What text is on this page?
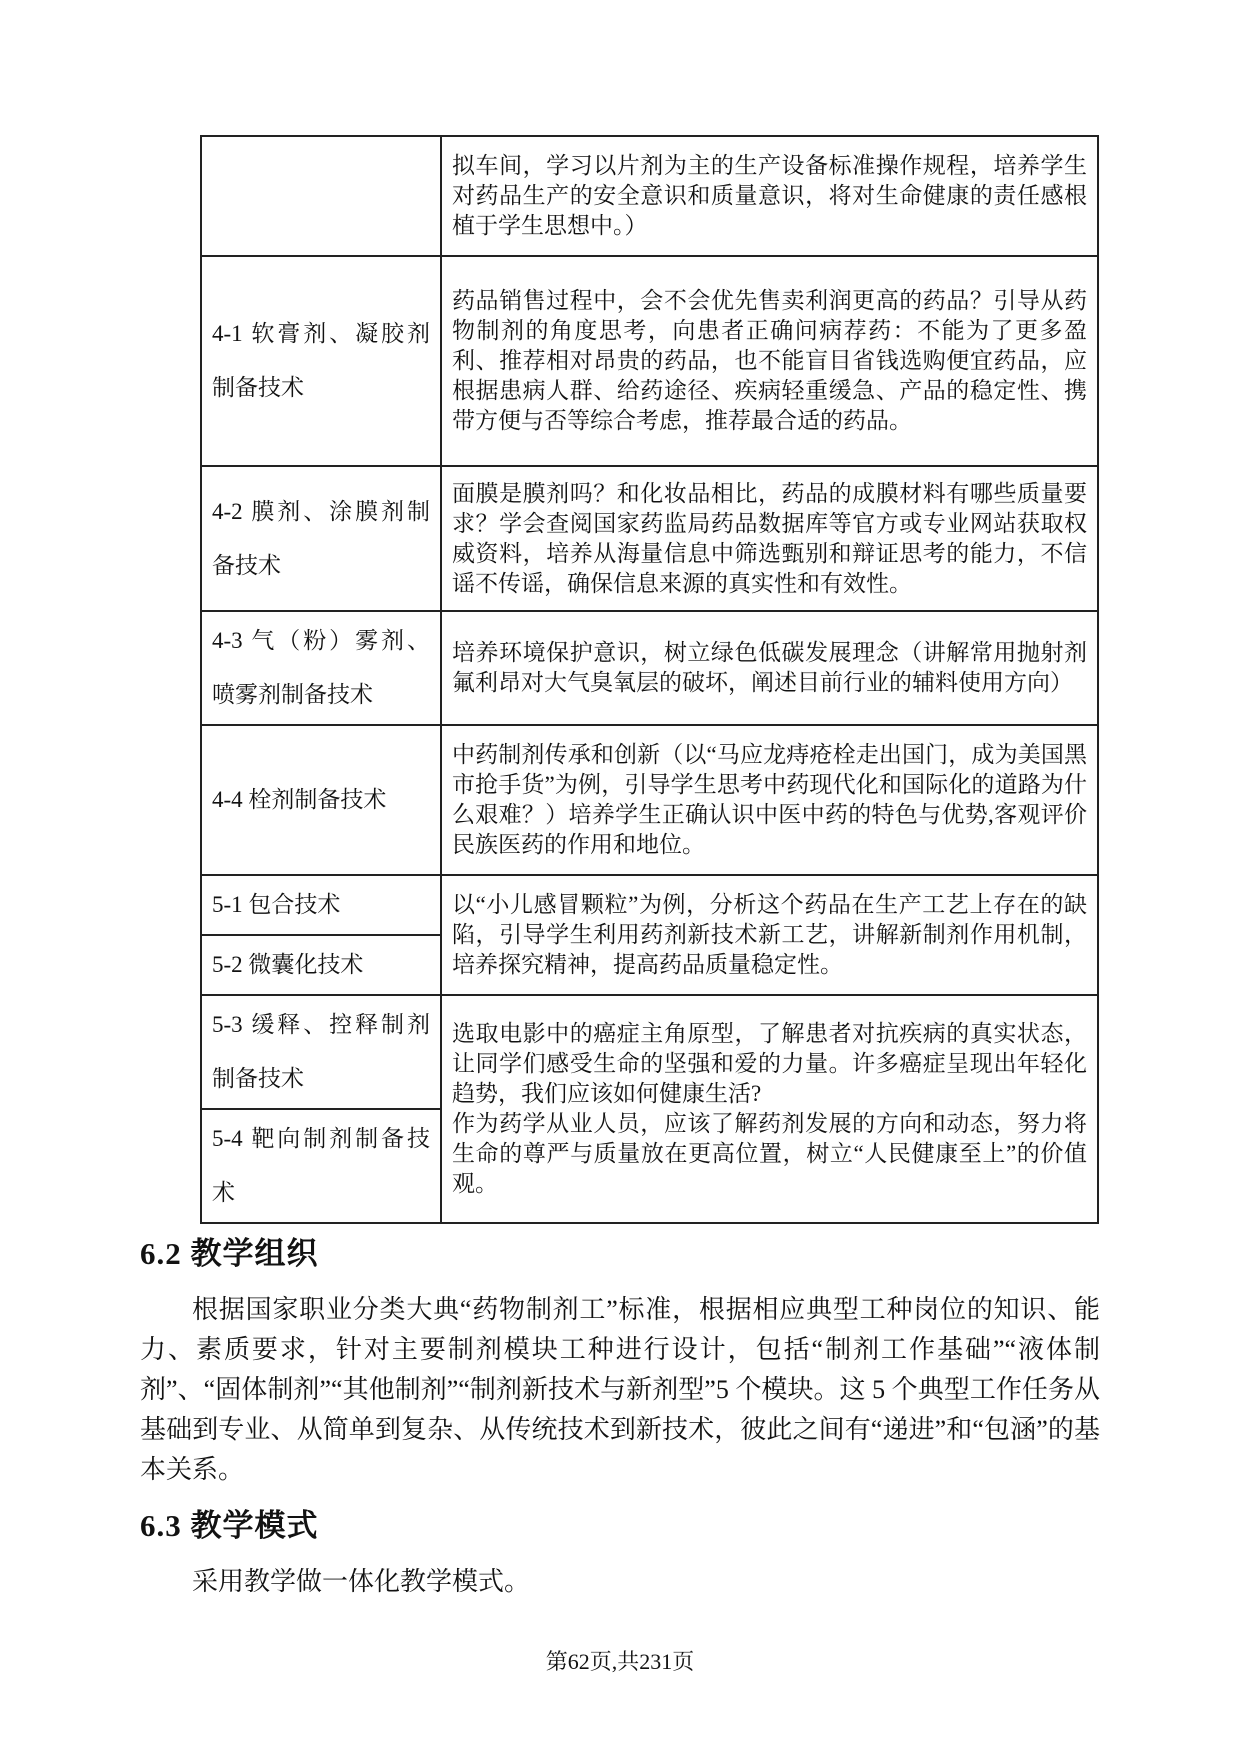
	拟车间，学习以片剂为主的生产设备标准操作规程，培养学生对药品生产的安全意识和质量意识，将对生命健康的责任感根植于学生思想中。）
4-1 软膏剂、凝胶剂制备技术	药品销售过程中，会不会优先售卖利润更高的药品？引导从药物制剂的角度思考，向患者正确问病荐药：不能为了更多盈利、推荐相对昂贵的药品，也不能盲目省钱选购便宜药品，应根据患病人群、给药途径、疾病轻重缓急、产品的稳定性、携带方便与否等综合考虑，推荐最合适的药品。
4-2 膜剂、涂膜剂制备技术	面膜是膜剂吗？和化妆品相比，药品的成膜材料有哪些质量要求？学会查阅国家药监局药品数据库等官方或专业网站获取权威资料，培养从海量信息中筛选甄别和辩证思考的能力，不信谣不传谣，确保信息来源的真实性和有效性。
4-3 气（粉）雾剂、喷雾剂制备技术	培养环境保护意识，树立绿色低碳发展理念（讲解常用抛射剂氟利昂对大气臭氧层的破坏，阐述目前行业的辅料使用方向）
4-4 栓剂制备技术	中药制剂传承和创新（以“马应龙痔疮栓走出国门，成为美国黑市抢手货”为例，引导学生思考中药现代化和国际化的道路为什么艰难？）培养学生正确认识中医中药的特色与优势,客观评价民族医药的作用和地位。
5-1 包合技术	以“小儿感冒颗粒”为例，分析这个药品在生产工艺上存在的缺陷，引导学生利用药剂新技术新工艺，讲解新制剂作用机制，培养探究精神，提高药品质量稳定性。
5-2 微囊化技术	
5-3 缓释、控释制剂制备技术	选取电影中的癌症主角原型，了解患者对抗疾病的真实状态，让同学们感受生命的坚强和爱的力量。许多癌症呈现出年轻化趋势，我们应该如何健康生活?
作为药学从业人员，应该了解药剂发展的方向和动态，努力将生命的尊严与质量放在更高位置，树立“人民健康至上”的价值观。

5-4 靶向制剂制备技术	
6.2 教学组织

根据国家职业分类大典“药物制剂工”标准，根据相应典型工种岗位的知识、能力、素质要求，针对主要制剂模块工种进行设计，包括“制剂工作基础”“液体制剂”、“固体制剂”“其他制剂”“制剂新技术与新剂型”5 个模块。这 5 个典型工作任务从基础到专业、从简单到复杂、从传统技术到新技术，彼此之间有“递进”和“包涵”的基本关系。

6.3 教学模式

采用教学做一体化教学模式。

第62页,共231页
